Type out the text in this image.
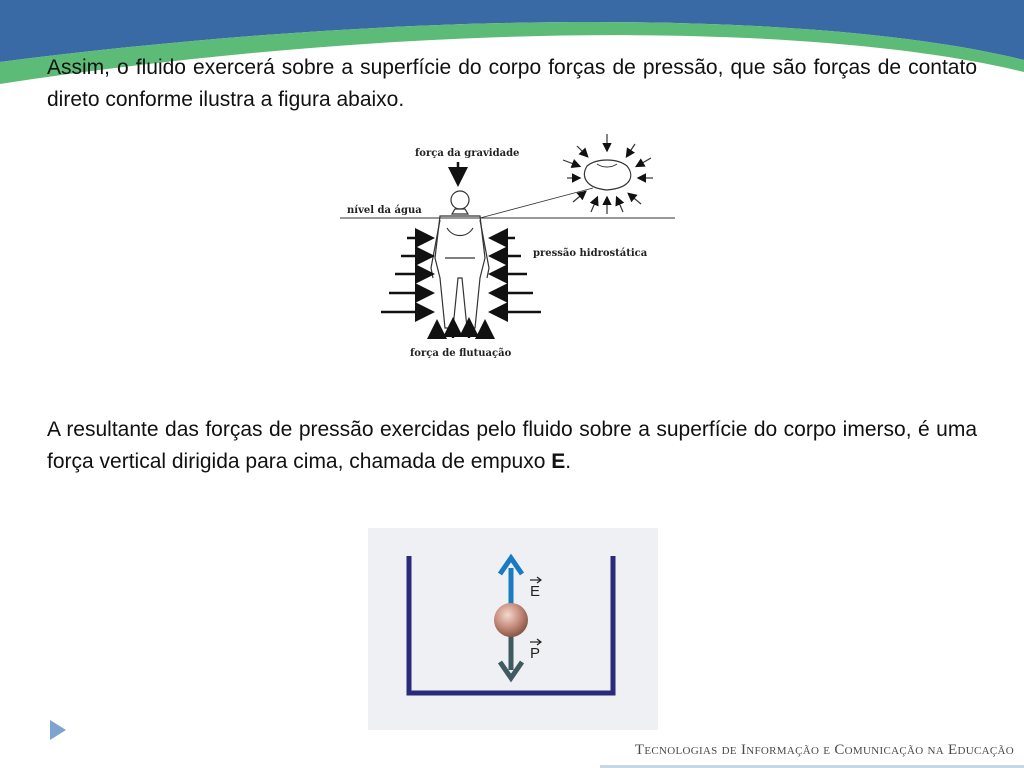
Assim, o fluido exercerá sobre a superfície do corpo forças de pressão, que são forças de contato direto conforme ilustra a figura abaixo.

força da gravidade
nível da água
pressão hidrostática
força de flutuação

A resultante das forças de pressão exercidas pelo fluido sobre a superfície do corpo imerso, é uma força vertical dirigida para cima, chamada de empuxo E.

E
P
Tecnologias de Informação e Comunicação na Educação
